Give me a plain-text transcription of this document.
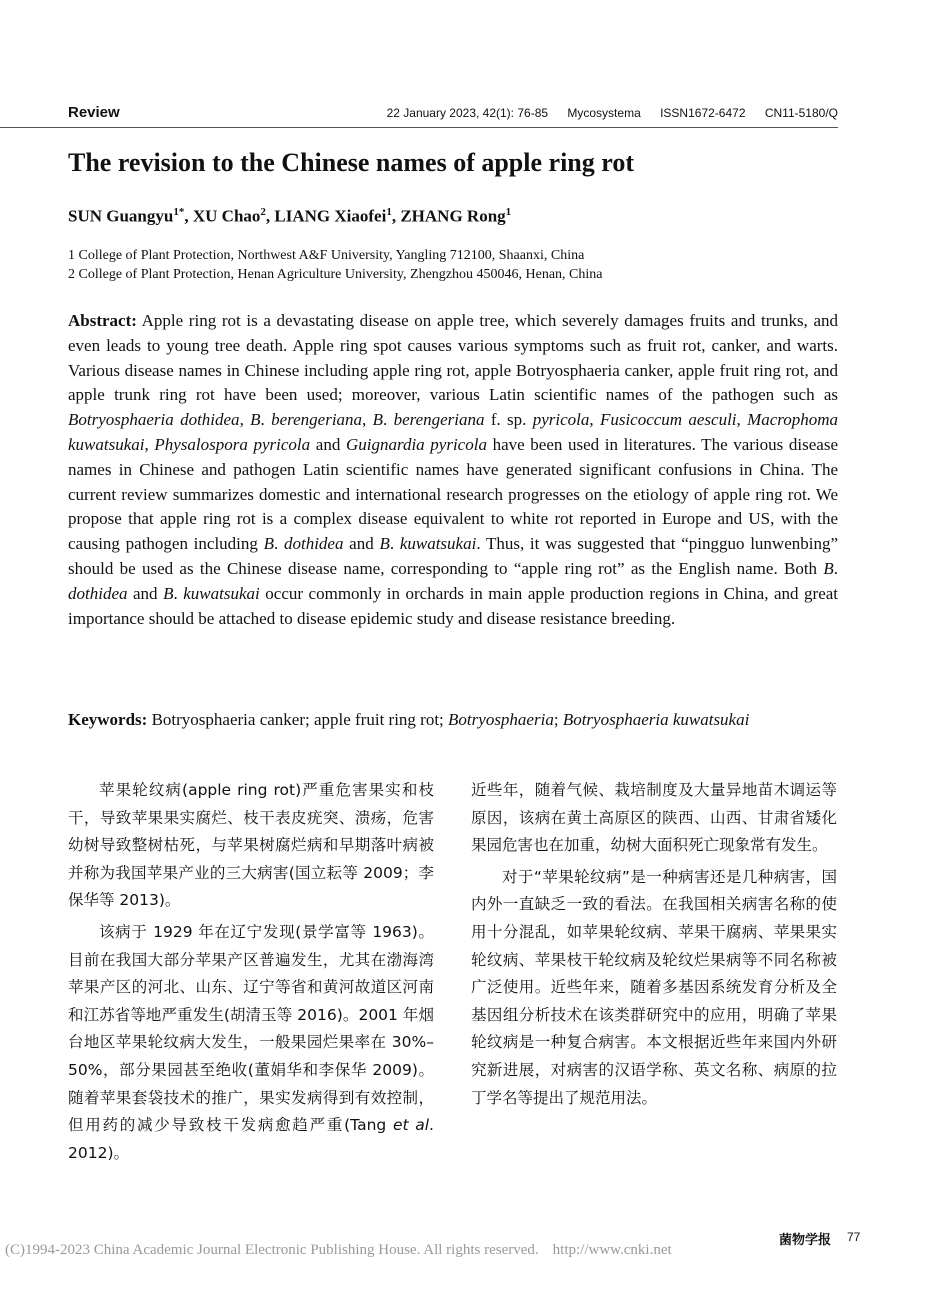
Review	22 January 2023, 42(1): 76-85 Mycosystema ISSN1672-6472 CN11-5180/Q
The revision to the Chinese names of apple ring rot
SUN Guangyu$^{1*}$, XU Chao$^2$, LIANG Xiaofei$^1$, ZHANG Rong$^1$
1 College of Plant Protection, Northwest A&F University, Yangling 712100, Shaanxi, China
2 College of Plant Protection, Henan Agriculture University, Zhengzhou 450046, Henan, China

Abstract: Apple ring rot is a devastating disease on apple tree, which severely damages fruits and trunks, and even leads to young tree death. Apple ring spot causes various symptoms such as fruit rot, canker, and warts. Various disease names in Chinese including apple ring rot, apple Botryosphaeria canker, apple fruit ring rot, and apple trunk ring rot have been used; moreover, various Latin scientific names of the pathogen such as Botryosphaeria dothidea, B. berengeriana, B. berengeriana f. sp. pyricola, Fusicoccum aesculi, Macrophoma kuwatsukai, Physalospora pyricola and Guignardia pyricola have been used in literatures. The various disease names in Chinese and pathogen Latin scientific names have generated significant confusions in China. The current review summarizes domestic and international research progresses on the etiology of apple ring rot. We propose that apple ring rot is a complex disease equivalent to white rot reported in Europe and US, with the causing pathogen including B. dothidea and B. kuwatsukai. Thus, it was suggested that “pingguo lunwenbing” should be used as the Chinese disease name, corresponding to “apple ring rot” as the English name. Both B. dothidea and B. kuwatsukai occur commonly in orchards in main apple production regions in China, and great importance should be attached to disease epidemic study and disease resistance breeding.

Keywords: Botryosphaeria canker; apple fruit ring rot; Botryosphaeria; Botryosphaeria kuwatsukai

苹果轮纹病(apple ring rot)严重危害果实和枝干，导致苹果果实腐烂、枝干表皮疣突、溃疡，危害幼树导致整树枯死，与苹果树腐烂病和早期落叶病被并称为我国苹果产业的三大病害(国立耘等 2009；李保华等 2013)。

该病于 1929 年在辽宁发现(景学富等 1963)。目前在我国大部分苹果产区普遍发生，尤其在渤海湾苹果产区的河北、山东、辽宁等省和黄河故道区河南和江苏省等地严重发生(胡清玉等 2016)。2001 年烟台地区苹果轮纹病大发生，一般果园烂果率在 30%–50%，部分果园甚至绝收(董娟华和李保华 2009)。随着苹果套袋技术的推广，果实发病得到有效控制，但用药的减少导致枝干发病愈趋严重(Tang et al. 2012)。

近些年，随着气候、栽培制度及大量异地苗木调运等原因，该病在黄土高原区的陕西、山西、甘肃省矮化果园危害也在加重，幼树大面积死亡现象常有发生。

对于“苹果轮纹病”是一种病害还是几种病害，国内外一直缺乏一致的看法。在我国相关病害名称的使用十分混乱，如苹果轮纹病、苹果干腐病、苹果果实轮纹病、苹果枝干轮纹病及轮纹烂果病等不同名称被广泛使用。近些年来，随着多基因系统发育分析及全基因组分析技术在该类群研究中的应用，明确了苹果轮纹病是一种复合病害。本文根据近些年来国内外研究新进展，对病害的汉语学称、英文名称、病原的拉丁学名等提出了规范用法。

菌物学报 77
(C)1994-2023 China Academic Journal Electronic Publishing House. All rights reserved. http://www.cnki.net
